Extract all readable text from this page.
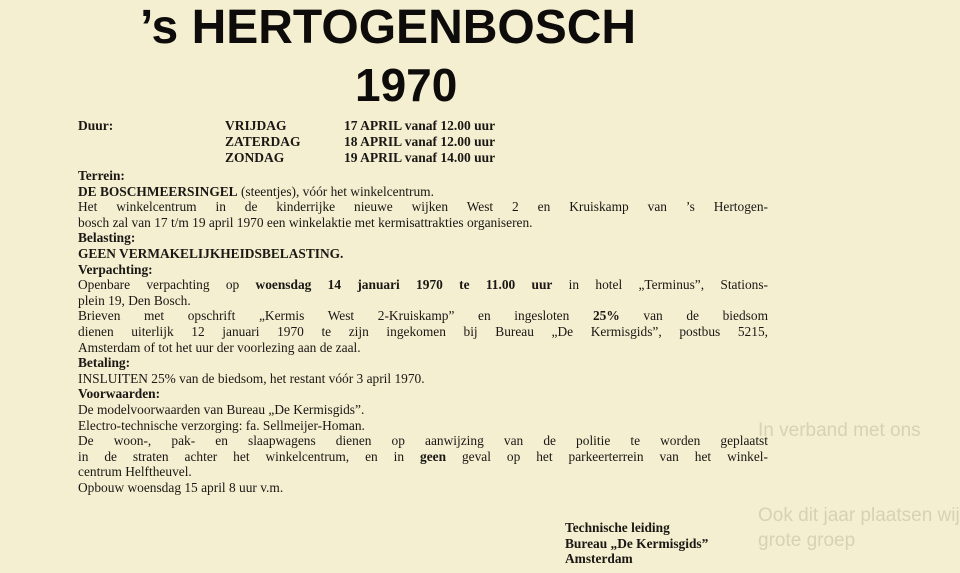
In verband met ons
Ook dit jaar plaatsen wij
grote groep
’s HERTOGENBOSCH
1970
Duur:	VRIJDAG	17 APRIL vanaf 12.00 uur
ZATERDAG	18 APRIL vanaf 12.00 uur
ZONDAG	19 APRIL vanaf 14.00 uur
Terrein:
DE BOSCHMEERSINGEL (steentjes), vóór het winkelcentrum.
Het winkelcentrum in de kinderrijke nieuwe wijken West 2 en Kruiskamp van ’s Hertogen-
bosch zal van 17 t/m 19 april 1970 een winkelaktie met kermisattrakties organiseren.
Belasting:
GEEN VERMAKELIJKHEIDSBELASTING.
Verpachting:
Openbare verpachting op woensdag 14 januari 1970 te 11.00 uur in hotel „Terminus”, Stations-
plein 19, Den Bosch.
Brieven met opschrift „Kermis West 2-Kruiskamp” en ingesloten 25% van de biedsom
dienen uiterlijk 12 januari 1970 te zijn ingekomen bij Bureau „De Kermisgids”, postbus 5215,
Amsterdam of tot het uur der voorlezing aan de zaal.
Betaling:
INSLUITEN 25% van de biedsom, het restant vóór 3 april 1970.
Voorwaarden:
De modelvoorwaarden van Bureau „De Kermisgids”.
Electro-technische verzorging: fa. Sellmeijer-Homan.
De woon-, pak- en slaapwagens dienen op aanwijzing van de politie te worden geplaatst
in de straten achter het winkelcentrum, en in geen geval op het parkeerterrein van het winkel-
centrum Helftheuvel.
Opbouw woensdag 15 april 8 uur v.m.
Technische leiding
Bureau „De Kermisgids”
Amsterdam
